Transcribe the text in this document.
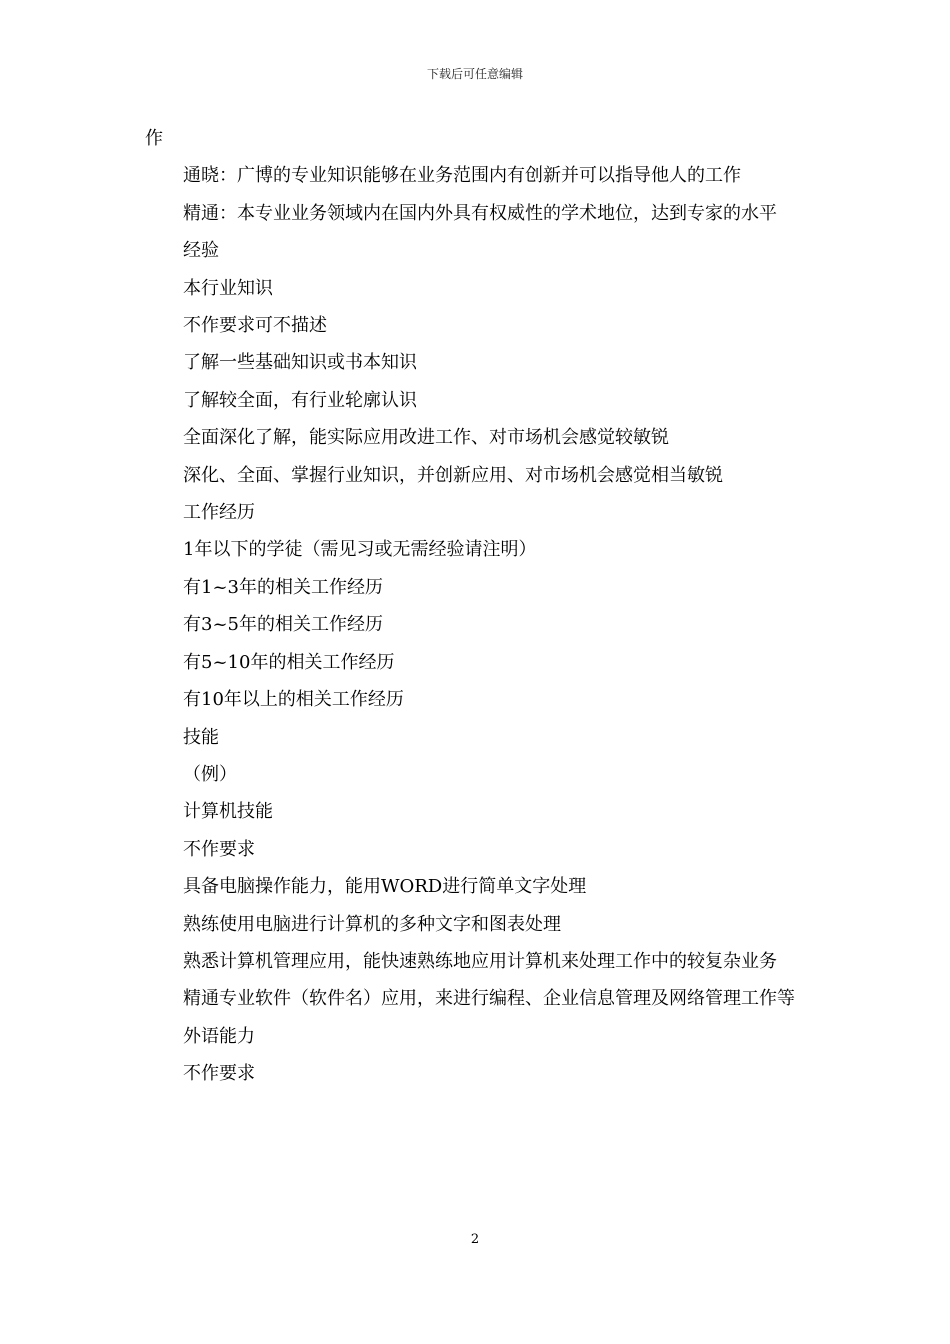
下载后可任意编辑

作

通晓：广博的专业知识能够在业务范围内有创新并可以指导他人的工作

精通：本专业业务领域内在国内外具有权威性的学术地位，达到专家的水平

经验

本行业知识

不作要求可不描述

了解一些基础知识或书本知识

了解较全面，有行业轮廓认识

全面深化了解，能实际应用改进工作、对市场机会感觉较敏锐

深化、全面、掌握行业知识，并创新应用、对市场机会感觉相当敏锐

工作经历

1年以下的学徒（需见习或无需经验请注明）

有1~3年的相关工作经历

有3~5年的相关工作经历

有5~10年的相关工作经历

有10年以上的相关工作经历

技能

（例）

计算机技能

不作要求

具备电脑操作能力，能用WORD进行简单文字处理

熟练使用电脑进行计算机的多种文字和图表处理

熟悉计算机管理应用，能快速熟练地应用计算机来处理工作中的较复杂业务

精通专业软件（软件名）应用，来进行编程、企业信息管理及网络管理工作等

外语能力

不作要求

2
